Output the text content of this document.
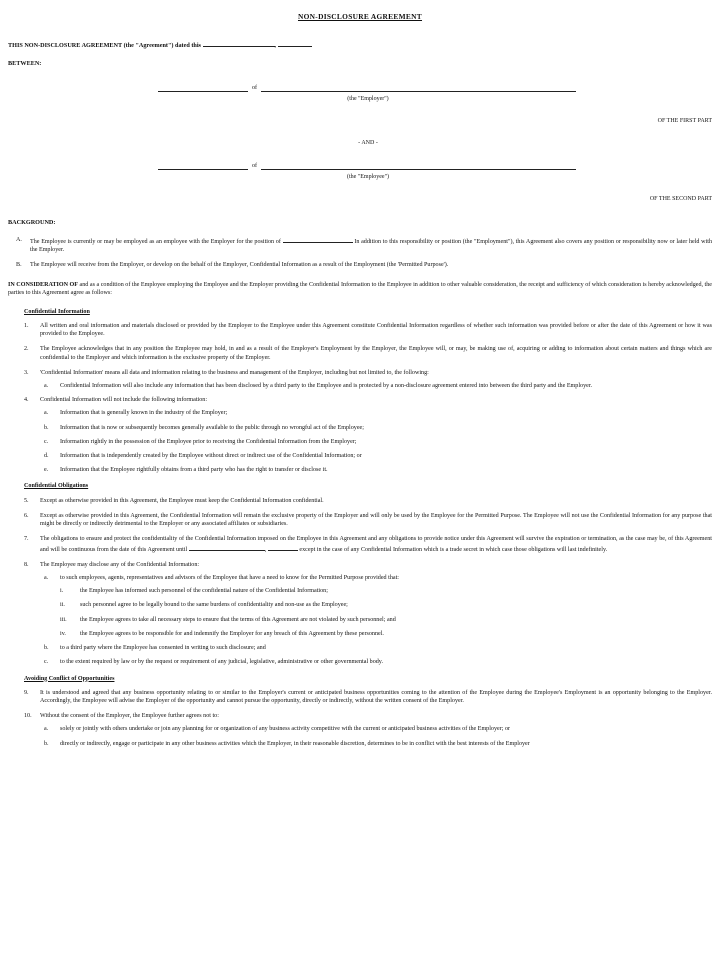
NON-DISCLOSURE AGREEMENT
THIS NON-DISCLOSURE AGREEMENT (the "Agreement") dated this	,
BETWEEN:
of
(the "Employer")
OF THE FIRST PART
- AND -
of
(the "Employee")
OF THE SECOND PART
BACKGROUND:
A. The Employee is currently or may be employed as an employee with the Employer for the position of	In addition to this responsibility or position (the "Employment"), this Agreement also covers any position or responsibility now or later held with the Employer.
B. The Employee will receive from the Employer, or develop on the behalf of the Employer, Confidential Information as a result of the Employment (the 'Permitted Purpose').
IN CONSIDERATION OF and as a condition of the Employee employing the Employee and the Employer providing the Confidential Information to the Employee in addition to other valuable consideration, the receipt and sufficiency of which consideration is hereby acknowledged, the parties to this Agreement agree as follows:
Confidential Information
1.	All written and oral information and materials disclosed or provided by the Employer to the Employee under this Agreement constitute Confidential Information regardless of whether such information was provided before or after the date of this Agreement or how it was provided to the Employee.
2.	The Employee acknowledges that in any position the Employee may hold, in and as a result of the Employer's Employment by the Employer, the Employee will, or may, be making use of, acquiring or adding to information about certain matters and things which are confidential to the Employer and which information is the exclusive property of the Employer.
3.	'Confidential Information' means all data and information relating to the business and management of the Employer, including but not limited to, the following:
a.	Confidential Information will also include any information that has been disclosed by a third party to the Employee and is protected by a non-disclosure agreement entered into between the third party and the Employer.
4.	Confidential Information will not include the following information:
a.	Information that is generally known in the industry of the Employer;
b.	Information that is now or subsequently becomes generally available to the public through no wrongful act of the Employee;
c.	Information rightly in the possession of the Employee prior to receiving the Confidential Information from the Employer;
d.	Information that is independently created by the Employee without direct or indirect use of the Confidential Information; or
e.	Information that the Employee rightfully obtains from a third party who has the right to transfer or disclose it.
Confidential Obligations
5.	Except as otherwise provided in this Agreement, the Employee must keep the Confidential Information confidential.
6.	Except as otherwise provided in this Agreement, the Confidential Information will remain the exclusive property of the Employer and will only be used by the Employee for the Permitted Purpose. The Employee will not use the Confidential Information for any purpose that might be directly or indirectly detrimental to the Employer or any associated affiliates or subsidiaries.
7.	The obligations to ensure and protect the confidentiality of the Confidential Information imposed on the Employee in this Agreement and any obligations to provide notice under this Agreement will survive the expiration or termination, as the case may be, of this Agreement and will be continuous from the date of this Agreement until	,	except in the case of any Confidential Information which is a trade secret in which case those obligations will last indefinitely.
8.	The Employee may disclose any of the Confidential Information:
a.	to such employees, agents, representatives and advisors of the Employee that have a need to know for the Permitted Purpose provided that:
i.	the Employee has informed such personnel of the confidential nature of the Confidential Information;
ii.	such personnel agree to be legally bound to the same burdens of confidentiality and non-use as the Employee;
iii.	the Employee agrees to take all necessary steps to ensure that the terms of this Agreement are not violated by such personnel; and
iv.	the Employee agrees to be responsible for and indemnify the Employer for any breach of this Agreement by these personnel.
b.	to a third party where the Employee has consented in writing to such disclosure; and
c.	to the extent required by law or by the request or requirement of any judicial, legislative, administrative or other governmental body.
Avoiding Conflict of Opportunities
9.	It is understood and agreed that any business opportunity relating to or similar to the Employer's current or anticipated business opportunities coming to the attention of the Employee during the Employee's Employment is an opportunity belonging to the Employer. Accordingly, the Employee will advise the Employer of the opportunity and cannot pursue the opportunity, directly or indirectly, without the written consent of the Employer.
10.	Without the consent of the Employer, the Employee further agrees not to:
a.	solely or jointly with others undertake or join any planning for or organization of any business activity competitive with the current or anticipated business activities of the Employer; or
b.	directly or indirectly, engage or participate in any other business activities which the Employer, in their reasonable discretion, determines to be in conflict with the best interests of the Employer
